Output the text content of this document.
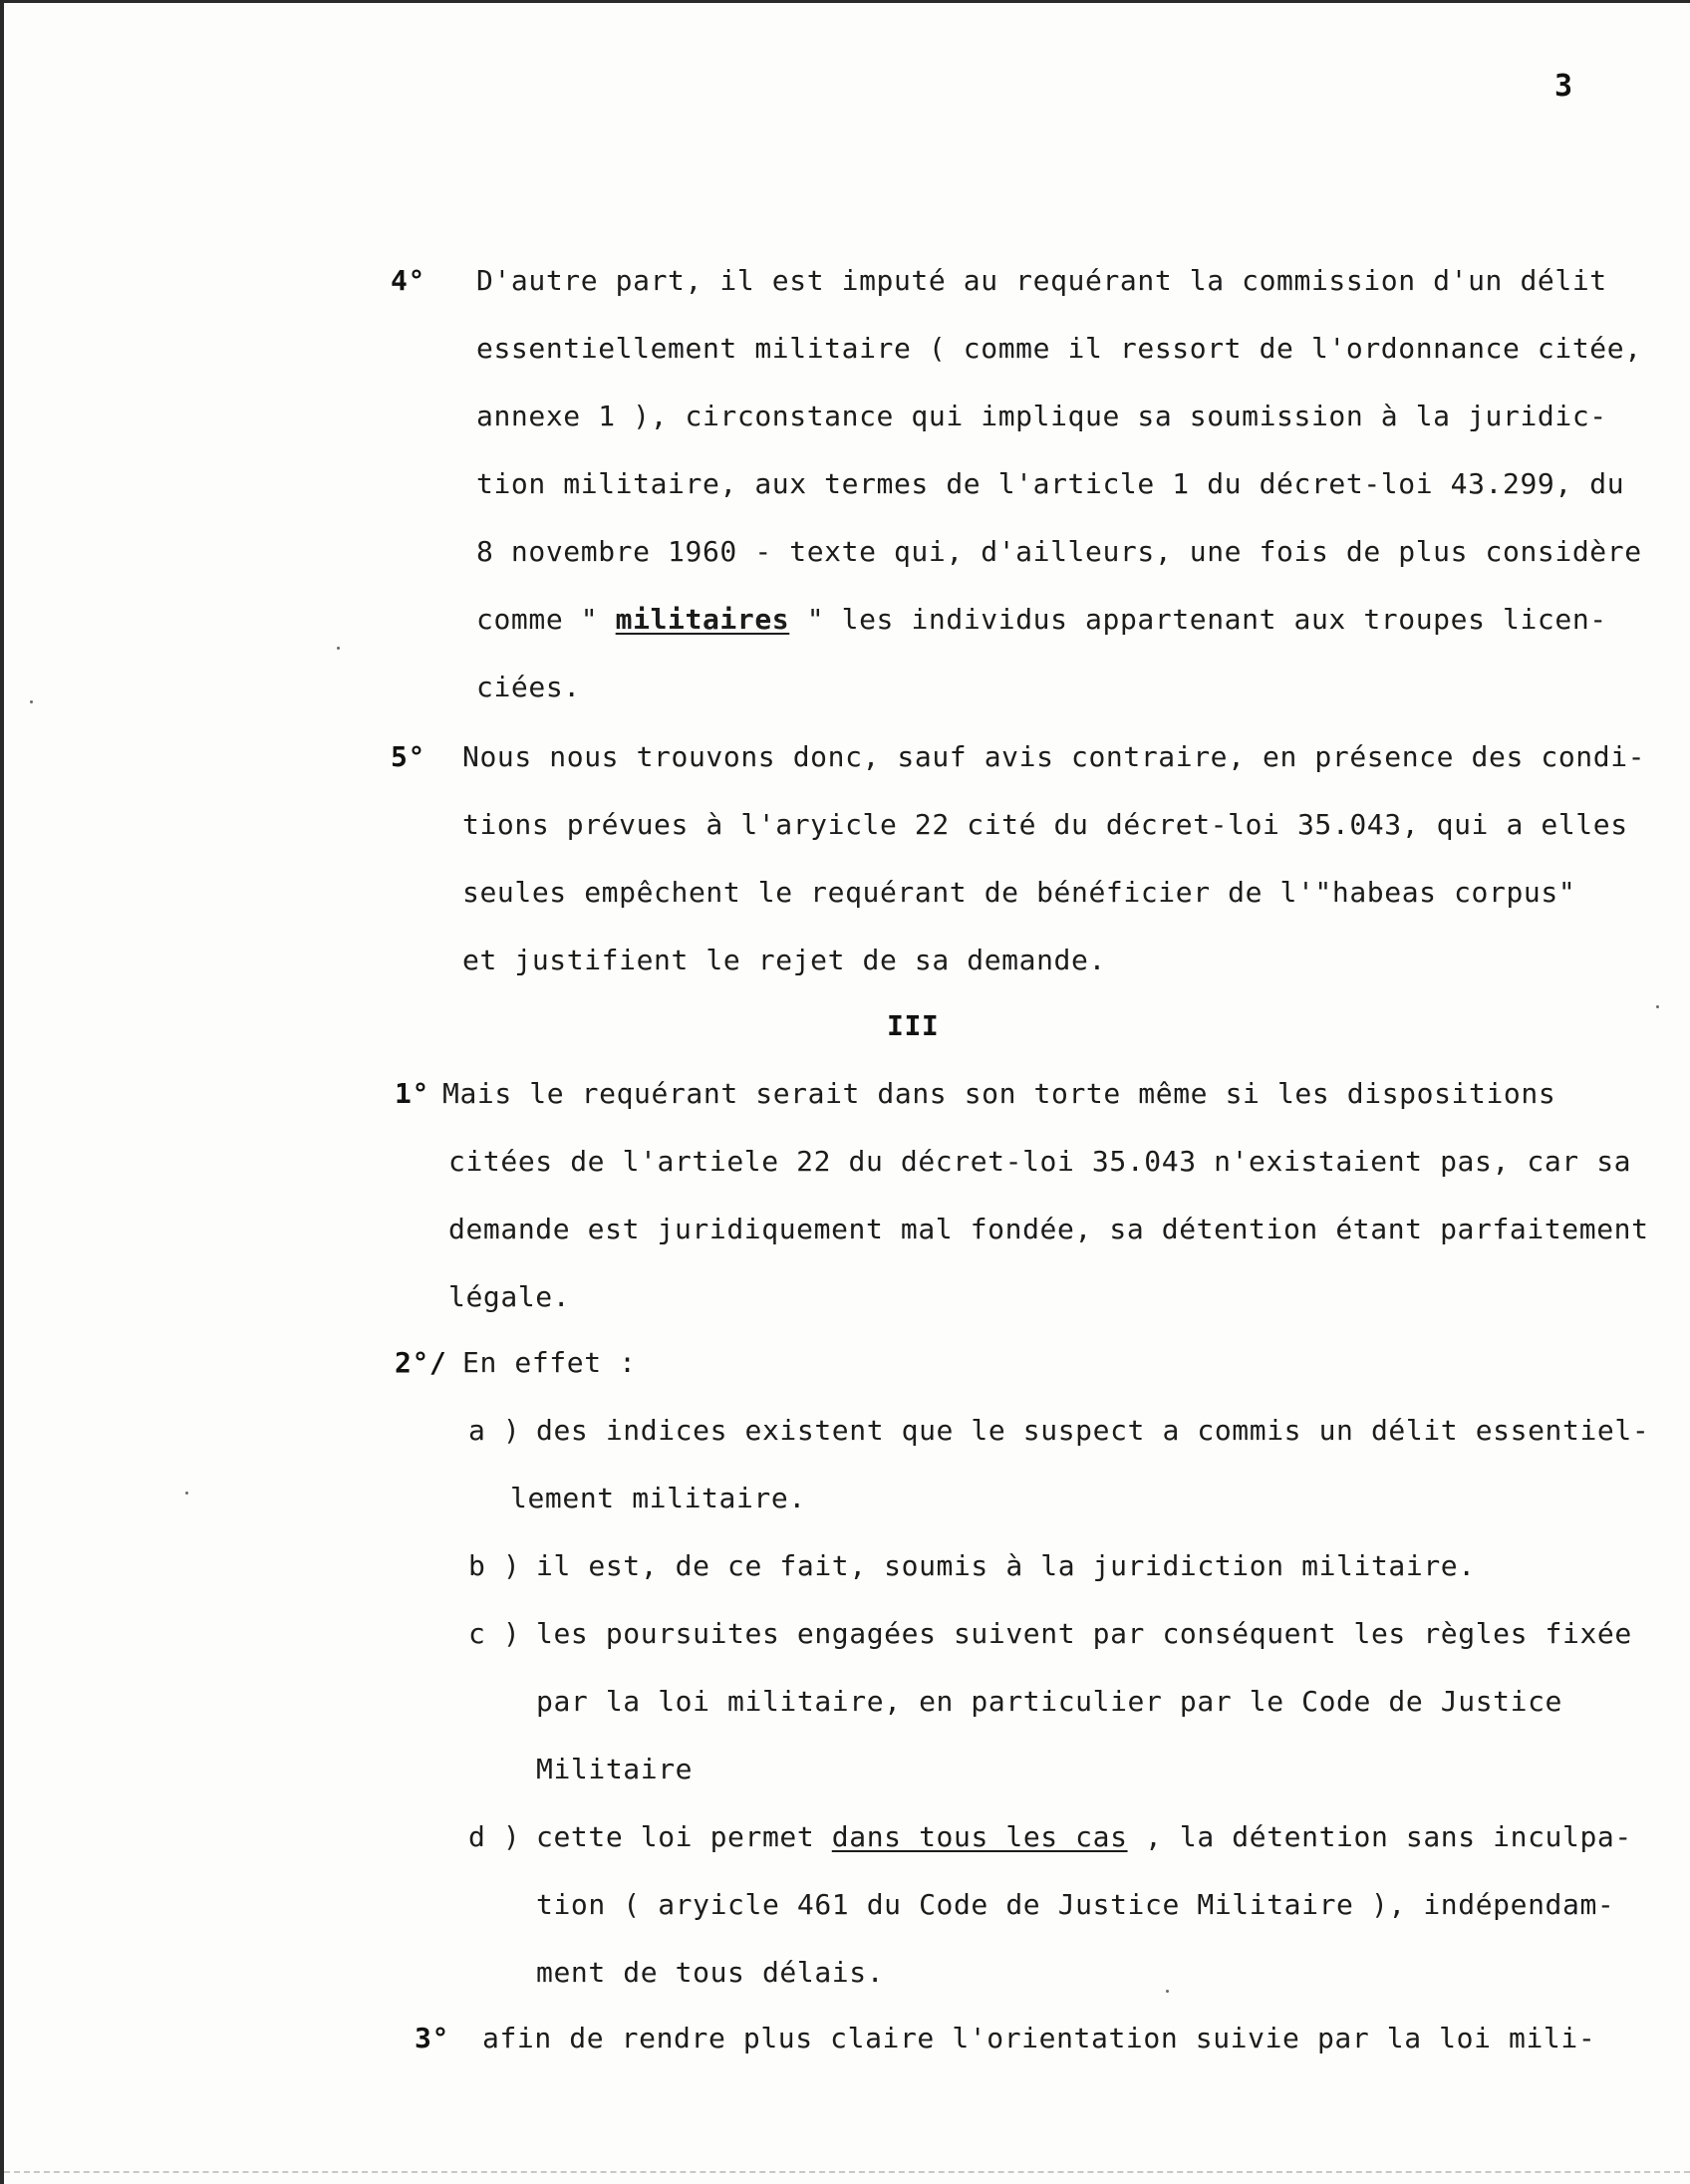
3
4° D'autre part, il est imputé au requérant la commission d'un délit
essentiellement militaire ( comme il ressort de l'ordonnance citée,
annexe 1 ), circonstance qui implique sa soumission à la juridic-
tion militaire, aux termes de l'article 1 du décret-loi 43.299, du
8 novembre 1960 - texte qui, d'ailleurs, une fois de plus considère
comme " militaires " les individus appartenant aux troupes licen-
ciées.
5° Nous nous trouvons donc, sauf avis contraire, en présence des condi-
tions prévues à l'aryicle 22 cité du décret-loi 35.043, qui a elles
seules empêchent le requérant de bénéficier de l'"habeas corpus"
et justifient le rejet de sa demande.
III
1° Mais le requérant serait dans son torte même si les dispositions
citées de l'artiele 22 du décret-loi 35.043 n'existaient pas, car sa
demande est juridiquement mal fondée, sa détention étant parfaitement
légale.
2°/ En effet :
a ) des indices existent que le suspect a commis un délit essentiel-
lement militaire.
b ) il est, de ce fait, soumis à la juridiction militaire.
c ) les poursuites engagées suivent par conséquent les règles fixée
par la loi militaire, en particulier par le Code de Justice
Militaire
d ) cette loi permet dans tous les cas , la détention sans inculpa-
tion ( aryicle 461 du Code de Justice Militaire ), indépendam-
ment de tous délais.
3° afin de rendre plus claire l'orientation suivie par la loi mili-
